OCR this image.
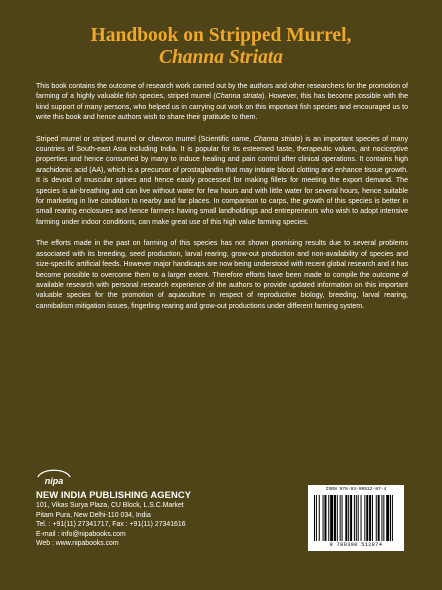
Handbook on Stripped Murrel,
Channa Striata

This book contains the outcome of research work carried out by the authors and other researchers for the promotion of farming of a highly valuable fish species, striped murrel (Channa striata). However, this has become possible with the kind support of many persons, who helped us in carrying out work on this important fish species and encouraged us to write this book and hence authors wish to share their gratitude to them.

Striped murrel or striped murrel or chevron murrel (Scientific name, Channa striato) is an important species of many countries of South-east Asia including India. It is popular for its esteemed taste, therapeutic values, ant nociceptive properties and hence consumed by many to induce healing and pain control after clinical operations. It contains high arachidonic acid (AA), which is a precursor of prostaglandin that may initiate blood clotting and enhance tissue growth. It is devoid of muscular spines and hence easily processed for making fillets for meeting the export demand. The species is air-breathing and can live without water for few hours and with little water for several hours, hence suitable for marketing in live condition to nearby and far places. In comparison to carps, the growth of this species is better in small rearing enclosures and hence farmers having small landholdings and entrepreneurs who wish to adopt intensive farming under indoor conditions, can make great use of this high value farming species.

The efforts made in the past on farming of this species has not shown promising results due to several problems associated with its breeding, seed production, larval rearing, grow-out production and non-availability of species and size-specific artificial feeds. However major handicaps are now being understood with recent global research and it has become possible to overcome them to a larger extent. Therefore efforts have been made to compile the outcome of available research with personal research experience of the authors to provide updated information on this important valuable species for the promotion of aquaculture in respect of reproductive biology, breeding, larval rearing, cannibalism mitigation issues, fingerling rearing and grow-out productions under different farming system.

nipa
NEW INDIA PUBLISHING AGENCY
101, Vikas Surya Plaza, CU Block, L.S.C.Market
Pitam Pura, New Delhi-110 034, India
Tel. : +91(11) 27341717, Fax : +91(11) 27341616
E-mail : info@nipabooks.com
Web : www.nipabooks.com
ISBN 978-93-90512-87-4
9 789390 512874
